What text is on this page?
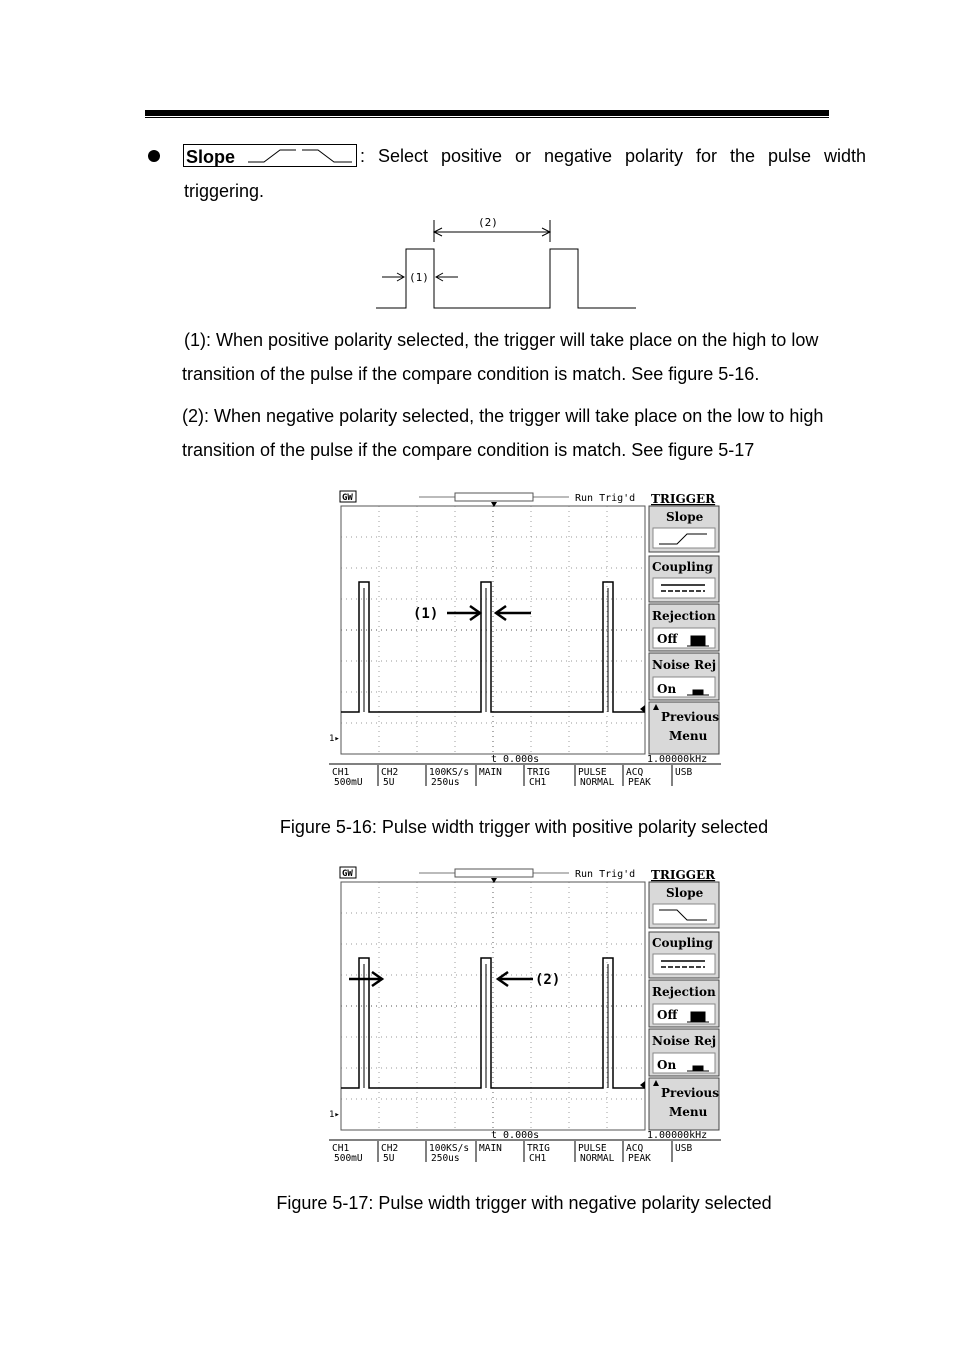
Slope	: Select positive or negative polarity for the pulse width
triggering.
(1)
(2)
(1): When positive polarity selected, the trigger will take place on the high to low
transition of the pulse if the compare condition is match. See figure 5-16.
(2): When negative polarity selected, the trigger will take place on the low to high
transition of the pulse if the compare condition is match. See figure 5-17
GW	Run Trig'd
1▸
(1)
TRIGGER
Slope
Coupling
Rejection
Off
Noise Rej
On
Previous
Menu
t 0.000s	1.00000kHz
CH1
500mU
CH2
5U
100KS/s
250us
MAIN	TRIG
CH1
PULSE
NORMAL
ACQ
PEAK
USB
Figure 5-16: Pulse width trigger with positive polarity selected
GW	Run Trig'd
1▸
(2)
TRIGGER
Slope
Coupling
Rejection
Off
Noise Rej
On
Previous
Menu
t 0.000s	1.00000kHz
CH1
500mU
CH2
5U
100KS/s
250us
MAIN	TRIG
CH1
PULSE
NORMAL
ACQ
PEAK
USB
Figure 5-17: Pulse width trigger with negative polarity selected
